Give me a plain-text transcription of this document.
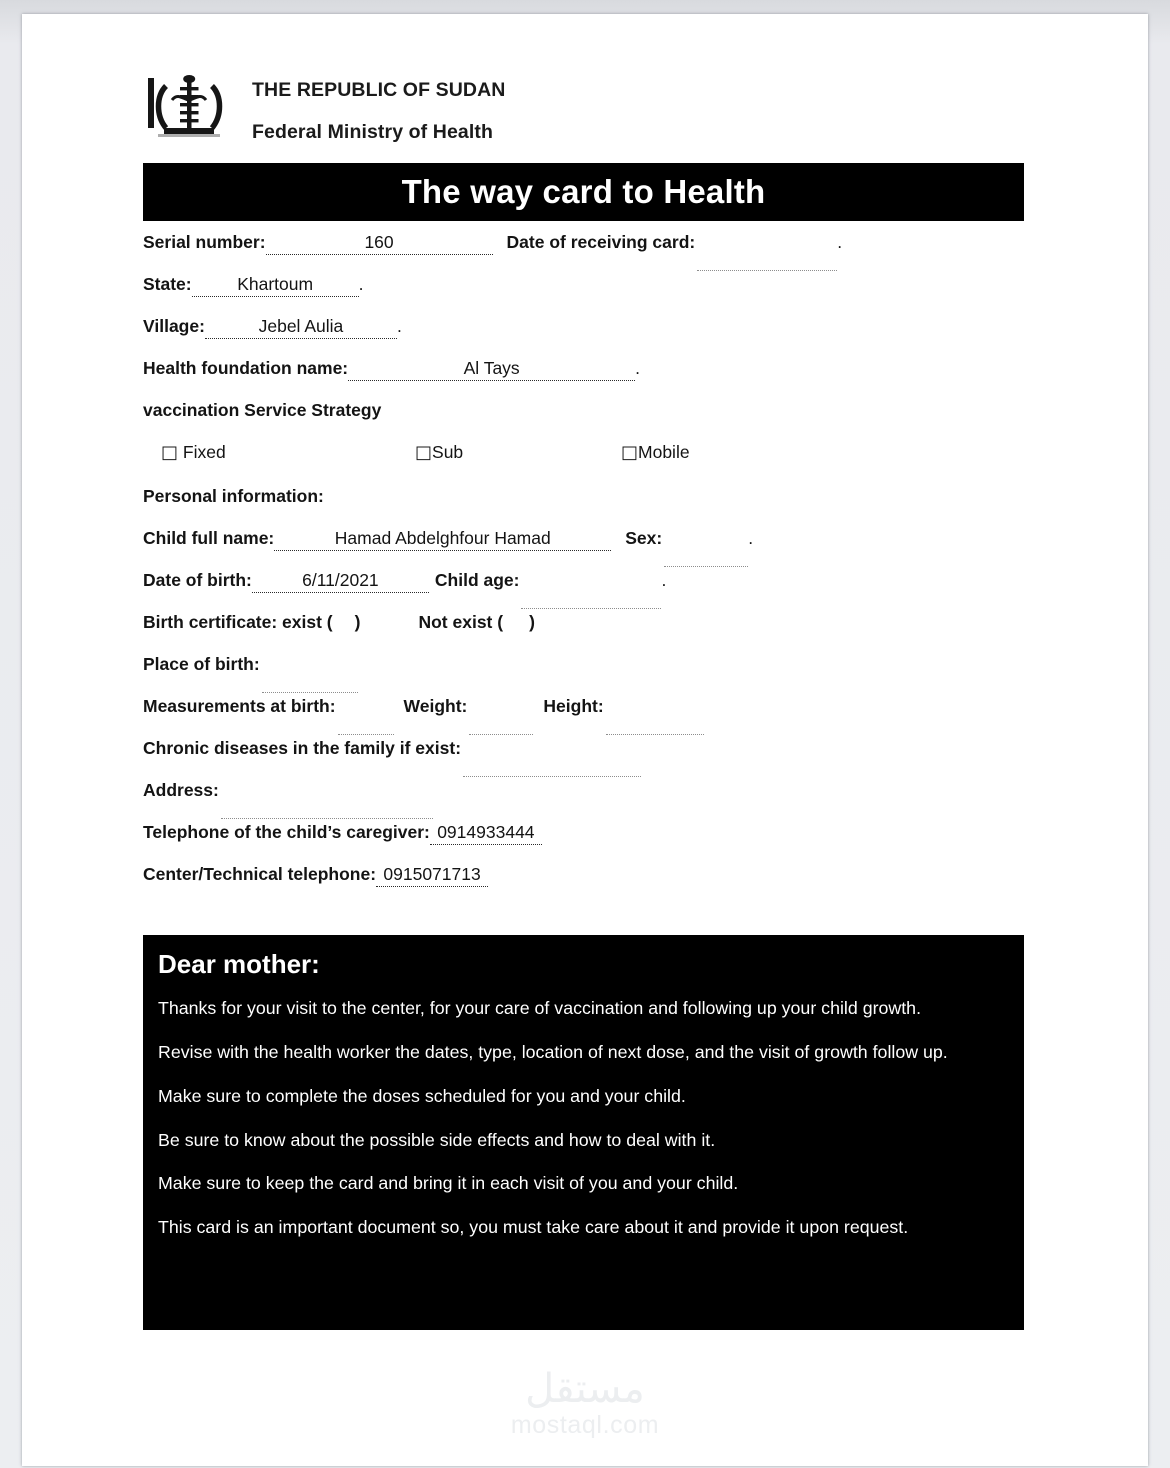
THE REPUBLIC OF SUDAN
Federal Ministry of Health
The way card to Health
Serial number:	160	Date of receiving card:	.
State:	Khartoum	.
Village:	Jebel Aulia	.
Health foundation name:	Al Tays	.
vaccination Service Strategy
□ Fixed	□Sub	□Mobile
Personal information:
Child full name:	Hamad Abdelghfour Hamad	Sex:	.
Date of birth:	6/11/2021	Child age:	.
Birth certificate: exist ( )	Not exist ( )
Place of birth:
Measurements at birth:	Weight:	Height:
Chronic diseases in the family if exist:
Address:
Telephone of the child’s caregiver: 0914933444
Center/Technical telephone: 0915071713
Dear mother:

Thanks for your visit to the center, for your care of vaccination and following up your child growth.

Revise with the health worker the dates, type, location of next dose, and the visit of growth follow up.

Make sure to complete the doses scheduled for you and your child.

Be sure to know about the possible side effects and how to deal with it.

Make sure to keep the card and bring it in each visit of you and your child.

This card is an important document so, you must take care about it and provide it upon request.

مستقل
mostaql.com
